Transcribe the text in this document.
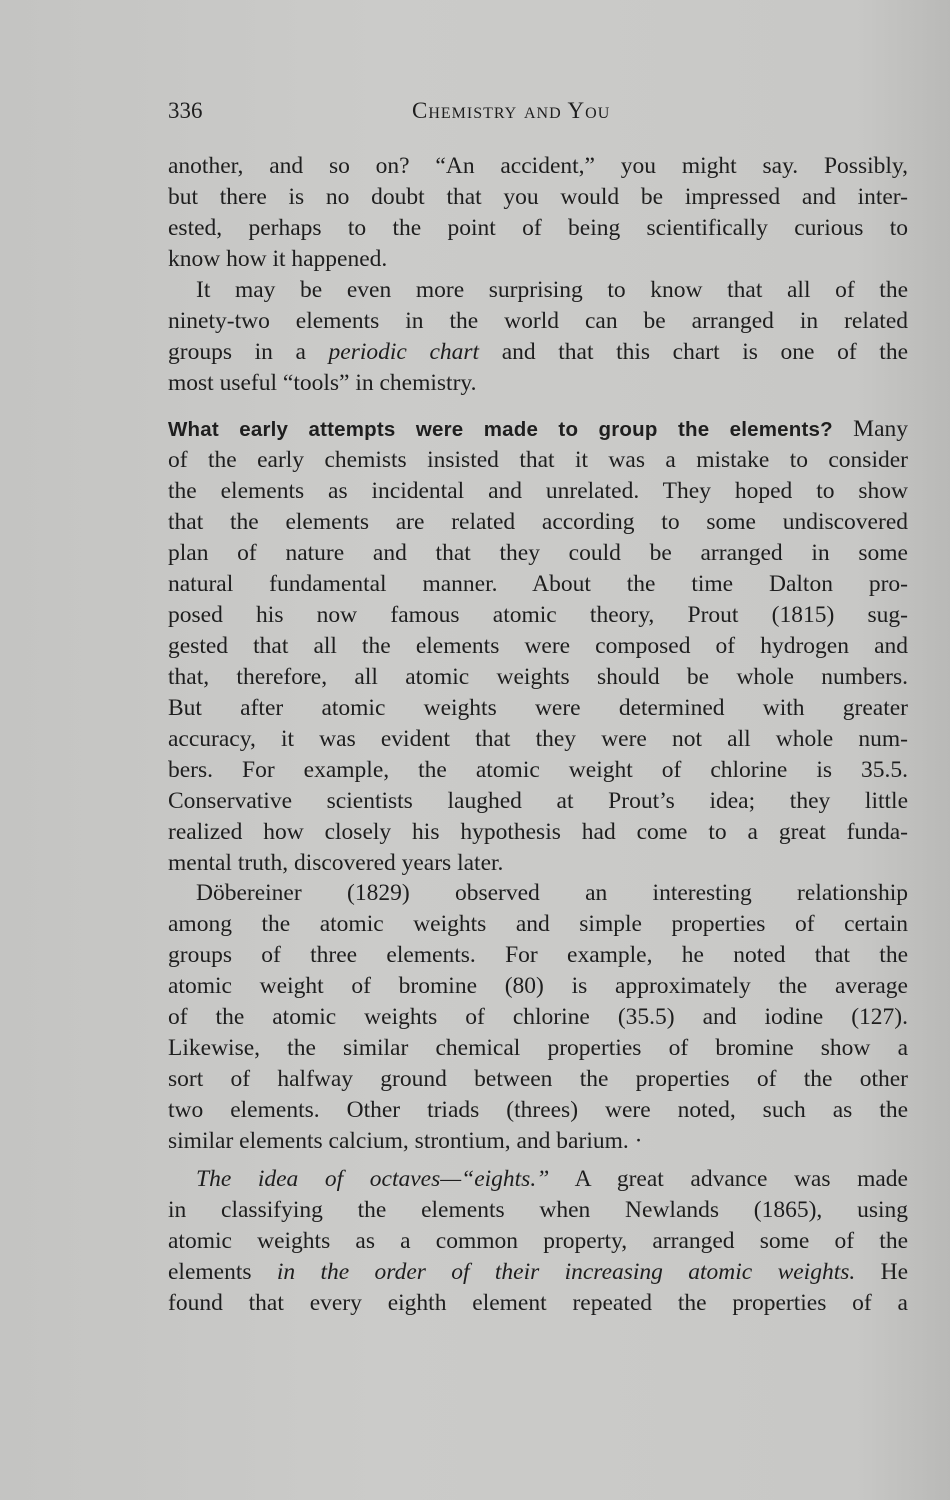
336	Chemistry and You
another, and so on? “An accident,” you might say. Possibly,
but there is no doubt that you would be impressed and inter-
ested, perhaps to the point of being scientifically curious to
know how it happened.
It may be even more surprising to know that all of the
ninety-two elements in the world can be arranged in related
groups in a periodic chart and that this chart is one of the
most useful “tools” in chemistry.
What early attempts were made to group the elements? Many
of the early chemists insisted that it was a mistake to consider
the elements as incidental and unrelated. They hoped to show
that the elements are related according to some undiscovered
plan of nature and that they could be arranged in some
natural fundamental manner. About the time Dalton pro-
posed his now famous atomic theory, Prout (1815) sug-
gested that all the elements were composed of hydrogen and
that, therefore, all atomic weights should be whole numbers.
But after atomic weights were determined with greater
accuracy, it was evident that they were not all whole num-
bers. For example, the atomic weight of chlorine is 35.5.
Conservative scientists laughed at Prout’s idea; they little
realized how closely his hypothesis had come to a great funda-
mental truth, discovered years later.
Döbereiner (1829) observed an interesting relationship
among the atomic weights and simple properties of certain
groups of three elements. For example, he noted that the
atomic weight of bromine (80) is approximately the average
of the atomic weights of chlorine (35.5) and iodine (127).
Likewise, the similar chemical properties of bromine show a
sort of halfway ground between the properties of the other
two elements. Other triads (threes) were noted, such as the
similar elements calcium, strontium, and barium. ·
The idea of octaves—“eights.” A great advance was made
in classifying the elements when Newlands (1865), using
atomic weights as a common property, arranged some of the
elements in the order of their increasing atomic weights. He
found that every eighth element repeated the properties of a
